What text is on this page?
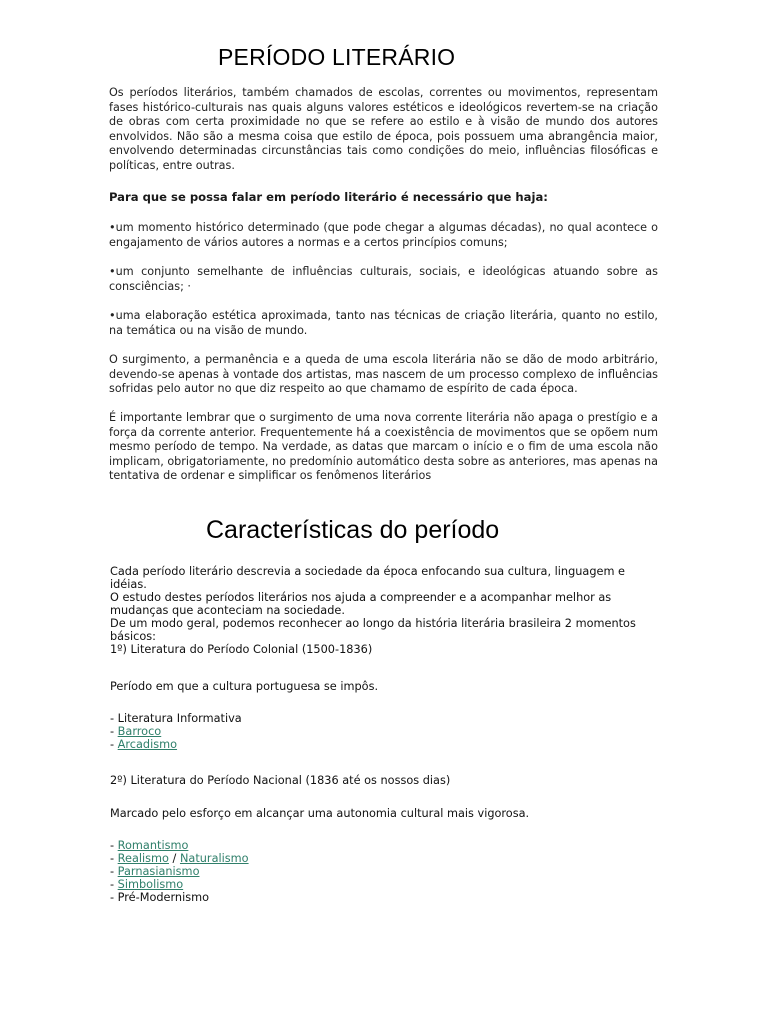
PERÍODO LITERÁRIO

Os períodos literários, também chamados de escolas, correntes ou movimentos, representam fases histórico-culturais nas quais alguns valores estéticos e ideológicos revertem-se na criação de obras com certa proximidade no que se refere ao estilo e à visão de mundo dos autores envolvidos. Não são a mesma coisa que estilo de época, pois possuem uma abrangência maior, envolvendo determinadas circunstâncias tais como condições do meio, influências filosóficas e políticas, entre outras.

Para que se possa falar em período literário é necessário que haja:

•um momento histórico determinado (que pode chegar a algumas décadas), no qual acontece o engajamento de vários autores a normas e a certos princípios comuns;

•um conjunto semelhante de influências culturais, sociais, e ideológicas atuando sobre as consciências; ·

•uma elaboração estética aproximada, tanto nas técnicas de criação literária, quanto no estilo, na temática ou na visão de mundo.

O surgimento, a permanência e a queda de uma escola literária não se dão de modo arbitrário, devendo-se apenas à vontade dos artistas, mas nascem de um processo complexo de influências sofridas pelo autor no que diz respeito ao que chamamo de espírito de cada época.

É importante lembrar que o surgimento de uma nova corrente literária não apaga o prestígio e a força da corrente anterior. Frequentemente há a coexistência de movimentos que se opõem num mesmo período de tempo. Na verdade, as datas que marcam o início e o fim de uma escola não implicam, obrigatoriamente, no predomínio automático desta sobre as anteriores, mas apenas na tentativa de ordenar e simplificar os fenômenos literários

Características do período
Cada período literário descrevia a sociedade da época enfocando sua cultura, linguagem e
idéias.
O estudo destes períodos literários nos ajuda a compreender e a acompanhar melhor as
mudanças que aconteciam na sociedade.
De um modo geral, podemos reconhecer ao longo da história literária brasileira 2 momentos
básicos:
1º) Literatura do Período Colonial (1500-1836)
Período em que a cultura portuguesa se impôs.
- Literatura Informativa
- Barroco
- Arcadismo
2º) Literatura do Período Nacional (1836 até os nossos dias)
Marcado pelo esforço em alcançar uma autonomia cultural mais vigorosa.
- Romantismo
- Realismo / Naturalismo
- Parnasianismo
- Simbolismo
- Pré-Modernismo
